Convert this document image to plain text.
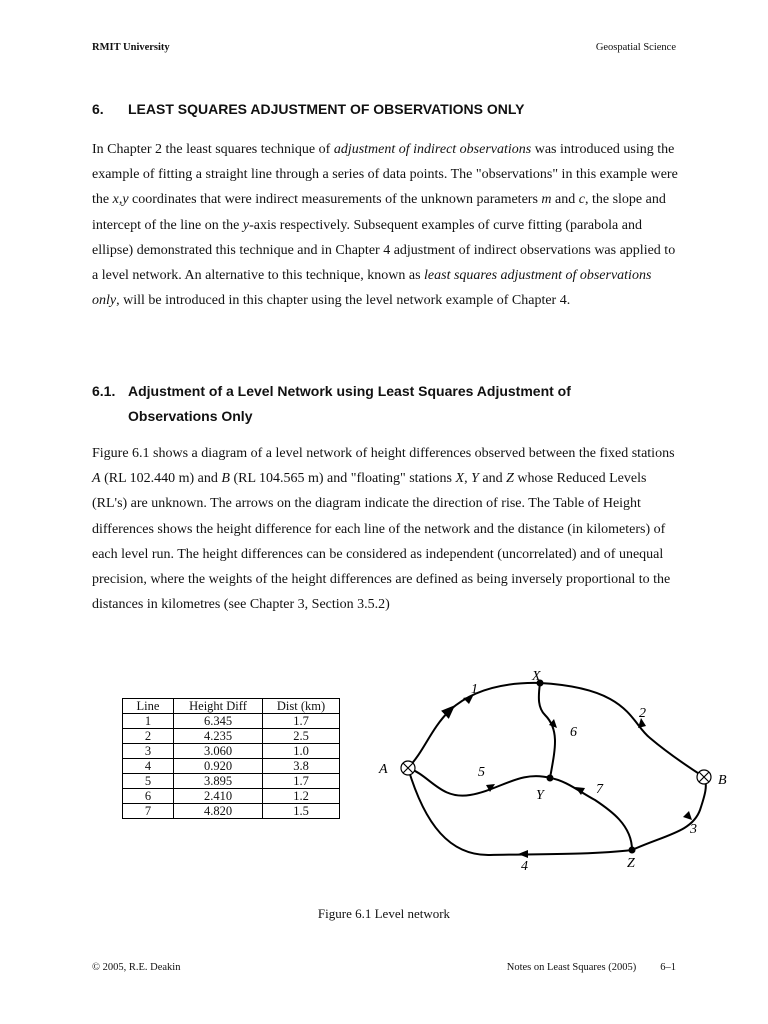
RMIT University	Geospatial Science
6. LEAST SQUARES ADJUSTMENT OF OBSERVATIONS ONLY

In Chapter 2 the least squares technique of adjustment of indirect observations was introduced using the example of fitting a straight line through a series of data points. The "observations" in this example were the x,y coordinates that were indirect measurements of the unknown parameters m and c, the slope and intercept of the line on the y-axis respectively. Subsequent examples of curve fitting (parabola and ellipse) demonstrated this technique and in Chapter 4 adjustment of indirect observations was applied to a level network. An alternative to this technique, known as least squares adjustment of observations only, will be introduced in this chapter using the level network example of Chapter 4.

6.1. Adjustment of a Level Network using Least Squares Adjustment of
Observations Only

Figure 6.1 shows a diagram of a level network of height differences observed between the fixed stations A (RL 102.440 m) and B (RL 104.565 m) and "floating" stations X, Y and Z whose Reduced Levels (RL's) are unknown. The arrows on the diagram indicate the direction of rise. The Table of Height differences shows the height difference for each line of the network and the distance (in kilometers) of each level run. The height differences can be considered as independent (uncorrelated) and of unequal precision, where the weights of the height differences are defined as being inversely proportional to the distances in kilometres (see Chapter 3, Section 3.5.2)

Line	Height Diff	Dist (km)
1	6.345	1.7
2	4.235	2.5
3	3.060	1.0
4	0.920	3.8
5	3.895	1.7
6	2.410	1.2
7	4.820	1.5
A
B
X
Y
Z
1
2
3
4
5
6
7
Figure 6.1 Level network
© 2005, R.E. Deakin	Notes on Least Squares (2005) 6–1
